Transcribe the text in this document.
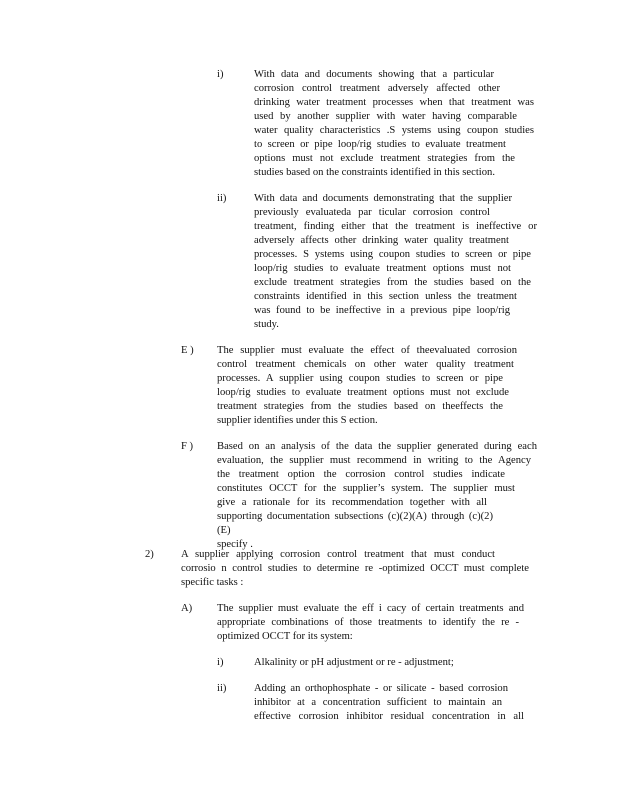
i)	With data and documents showing that a particular
corrosion control treatment adversely affected other
drinking water treatment processes when that treatment was
used by another supplier with water having comparable
water quality characteristics .S ystems using coupon studies
to screen or pipe loop/rig studies to evaluate treatment
options must not exclude treatment strategies from the
studies based on the constraints identified in this section.
ii)	With data and documents demonstrating that the supplier
previously evaluateda par ticular corrosion control
treatment, finding either that the treatment is ineffective or
adversely affects other drinking water quality treatment
processes. S ystems using coupon studies to screen or pipe
loop/rig studies to evaluate treatment options must not
exclude treatment strategies from the studies based on the
constraints identified in this section unless the treatment
was found to be ineffective in a previous pipe loop/rig
study.
E ) The supplier must evaluate the effect of theevaluated corrosion
control treatment chemicals on other water quality treatment
processes. A supplier using coupon studies to screen or pipe
loop/rig studies to evaluate treatment options must not exclude
treatment strategies from the studies based on theeffects the
supplier identifies under this S ection.
F ) Based on an analysis of the data the supplier generated during each
evaluation, the supplier must recommend in writing to the Agency
the treatment option the corrosion control studies indicate
constitutes OCCT for the supplier’s system. The supplier must
give a rationale for its recommendation together with all
supporting documentation subsections (c)(2)(A) through (c)(2)(E)
specify .
2)	A supplier applying corrosion control treatment that must conduct
corrosio n control studies to determine re -optimized OCCT must complete
specific tasks :
A) The supplier must evaluate the eff i cacy of certain treatments and
appropriate combinations of those treatments to identify the re -
optimized OCCT for its system:
i)	Alkalinity or pH adjustment or re - adjustment;
ii)	Adding an orthophosphate - or silicate - based corrosion
inhibitor at a concentration sufficient to maintain an
effective corrosion inhibitor residual concentration in all
